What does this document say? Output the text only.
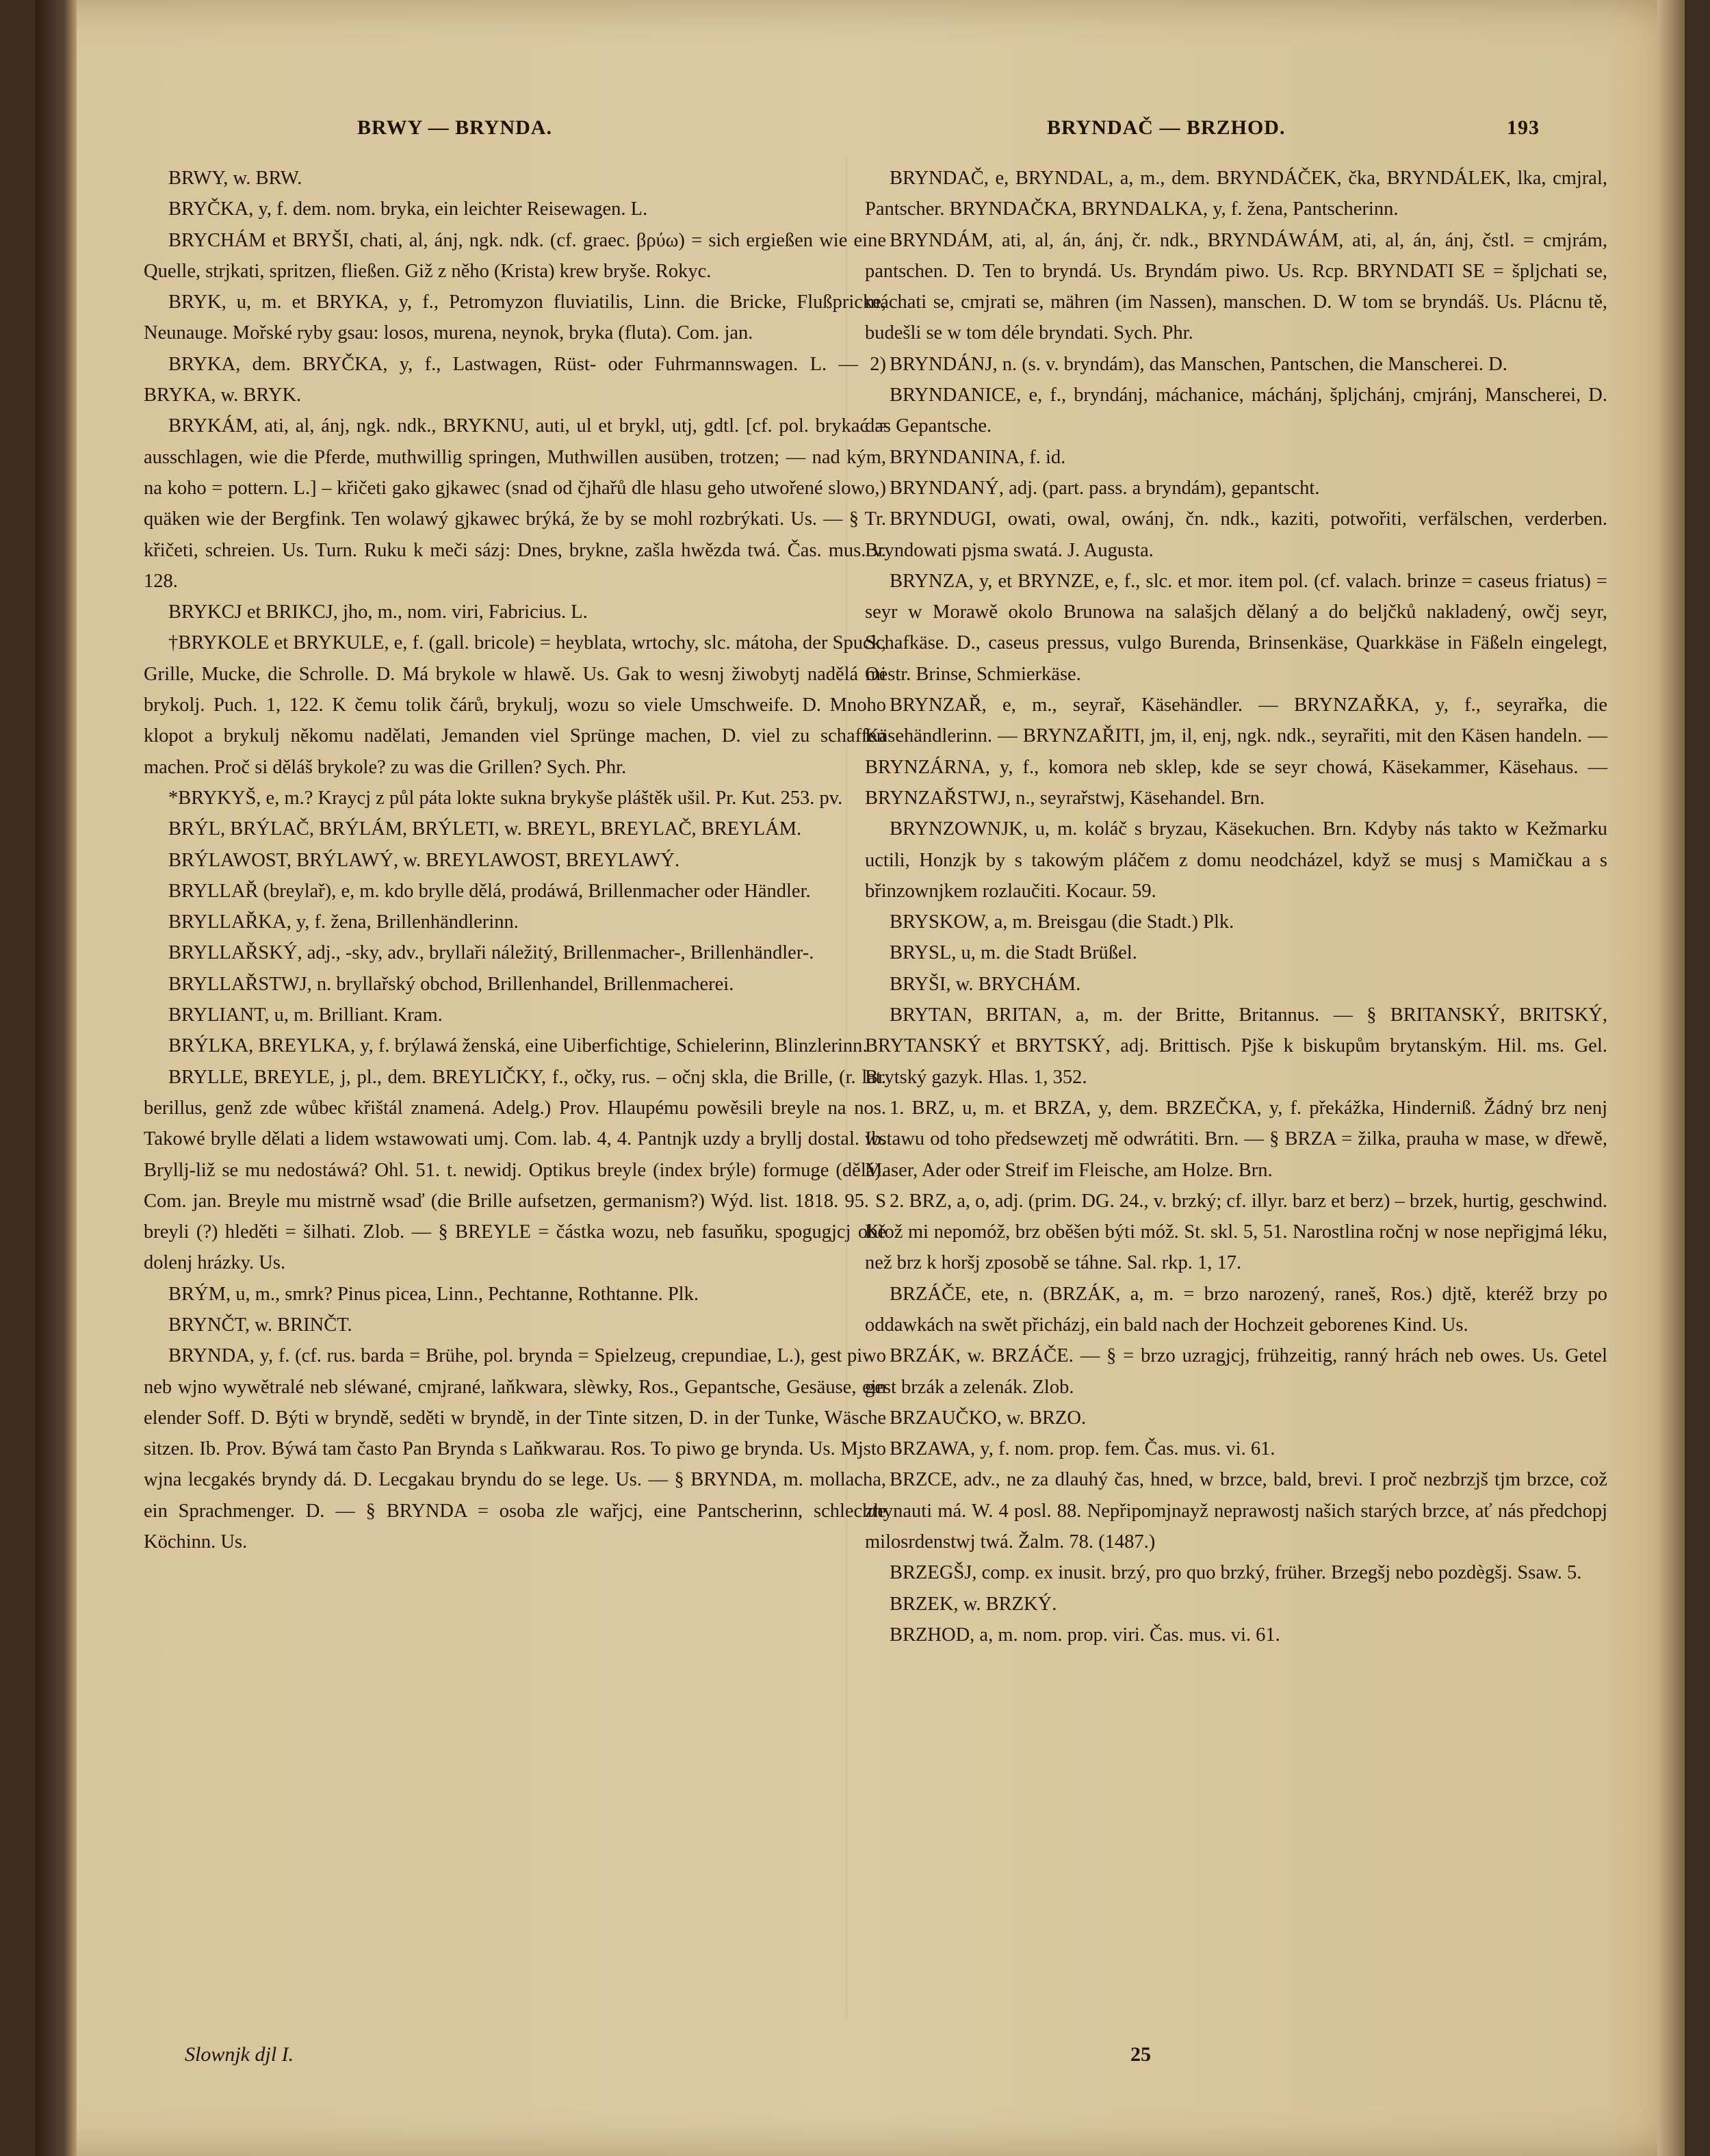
BRWY — BRYNDA.	BRYNDAČ — BRZHOD.	193

BRWY, w. BRW.

BRYČKA, y, f. dem. nom. bryka, ein leichter Reisewagen. L.

BRYCHÁM et BRYŠI, chati, al, ánj, ngk. ndk. (cf. graec. βρύω) = sich ergießen wie eine Quelle, strjkati, spritzen, fließen. Giž z něho (Krista) krew bryše. Rokyc.

BRYK, u, m. et BRYKA, y, f., Petromyzon fluviatilis, Linn. die Bricke, Flußpricke, Neunauge. Mořské ryby gsau: losos, murena, neynok, bryka (fluta). Com. jan.

BRYKA, dem. BRYČKA, y, f., Lastwagen, Rüst- oder Fuhrmannswagen. L. — 2) BRYKA, w. BRYK.

BRYKÁM, ati, al, ánj, ngk. ndk., BRYKNU, auti, ul et brykl, utj, gdtl. [cf. pol. brykać = ausschlagen, wie die Pferde, muthwillig springen, Muthwillen ausüben, trotzen; — nad kým, na koho = pottern. L.] – křičeti gako gjkawec (snad od čjhařů dle hlasu geho utwořené slowo,) quäken wie der Bergfink. Ten wolawý gjkawec brýká, že by se mohl rozbrýkati. Us. — § Tr. křičeti, schreien. Us. Turn. Ruku k meči sázj: Dnes, brykne, zašla hwězda twá. Čas. mus. v. 128.

BRYKCJ et BRIKCJ, jho, m., nom. viri, Fabricius. L.

†BRYKOLE et BRYKULE, e, f. (gall. bricole) = heyblata, wrtochy, slc. mátoha, der Spuck, Grille, Mucke, die Schrolle. D. Má brykole w hlawě. Us. Gak to wesnj žiwobytj nadělá mi brykolj. Puch. 1, 122. K čemu tolik čárů, brykulj, wozu so viele Umschweife. D. Mnoho klopot a brykulj někomu nadělati, Jemanden viel Sprünge machen, D. viel zu schaffen machen. Proč si děláš brykole? zu was die Grillen? Sych. Phr.

*BRYKYŠ, e, m.? Kraycj z půl páta lokte sukna brykyše pláštěk ušil. Pr. Kut. 253. pv.

BRÝL, BRÝLAČ, BRÝLÁM, BRÝLETI, w. BREYL, BREYLAČ, BREYLÁM.

BRÝLAWOST, BRÝLAWÝ, w. BREYLAWOST, BREYLAWÝ.

BRYLLAŘ (breylař), e, m. kdo brylle dělá, prodáwá, Brillenmacher oder Händler.

BRYLLAŘKA, y, f. žena, Brillenhändlerinn.

BRYLLAŘSKÝ, adj., -sky, adv., bryllaři náležitý, Brillenmacher-, Brillenhändler-.

BRYLLAŘSTWJ, n. bryllařský obchod, Brillenhandel, Brillenmacherei.

BRYLIANT, u, m. Brilliant. Kram.

BRÝLKA, BREYLKA, y, f. brýlawá ženská, eine Uiberfichtige, Schielerinn, Blinzlerinn.

BRYLLE, BREYLE, j, pl., dem. BREYLIČKY, f., očky, rus. – očnj skla, die Brille, (r. lat. berillus, genž zde wůbec křištál znamená. Adelg.) Prov. Hlaupému powěsili breyle na nos. Takowé brylle dělati a lidem wstawowati umj. Com. lab. 4, 4. Pantnjk uzdy a bryllj dostal. Ib. Bryllj-liž se mu nedostáwá? Ohl. 51. t. newidj. Optikus breyle (index brýle) formuge (dělá). Com. jan. Breyle mu mistrně wsaď (die Brille aufsetzen, germanism?) Wýd. list. 1818. 95. S breyli (?) hleděti = šilhati. Zlob. — § BREYLE = částka wozu, neb fasuňku, spogugjcj obě dolenj hrázky. Us.

BRÝM, u, m., smrk? Pinus picea, Linn., Pechtanne, Rothtanne. Plk.

BRYNČT, w. BRINČT.

BRYNDA, y, f. (cf. rus. barda = Brühe, pol. brynda = Spielzeug, crepundiae, L.), gest piwo neb wjno wywětralé neb sléwané, cmjrané, laňkwara, slèwky, Ros., Gepantsche, Gesäuse, ein elender Soff. D. Býti w bryndě, seděti w bryndě, in der Tinte sitzen, D. in der Tunke, Wäsche sitzen. Ib. Prov. Býwá tam často Pan Brynda s Laňkwarau. Ros. To piwo ge brynda. Us. Mjsto wjna lecgakés bryndy dá. D. Lecgakau bryndu do se lege. Us. — § BRYNDA, m. mollacha, ein Sprachmenger. D. — § BRYNDA = osoba zle wařjcj, eine Pantscherinn, schlechte Köchinn. Us.

BRYNDAČ, e, BRYNDAL, a, m., dem. BRYNDÁČEK, čka, BRYNDÁLEK, lka, cmjral, Pantscher. BRYNDAČKA, BRYNDALKA, y, f. žena, Pantscherinn.

BRYNDÁM, ati, al, án, ánj, čr. ndk., BRYNDÁWÁM, ati, al, án, ánj, čstl. = cmjrám, pantschen. D. Ten to bryndá. Us. Bryndám piwo. Us. Rcp. BRYNDATI SE = špljchati se, máchati se, cmjrati se, mähren (im Nassen), manschen. D. W tom se bryndáš. Us. Plácnu tě, budešli se w tom déle bryndati. Sych. Phr.

BRYNDÁNJ, n. (s. v. bryndám), das Manschen, Pantschen, die Manscherei. D.

BRYNDANICE, e, f., bryndánj, máchanice, máchánj, špljchánj, cmjránj, Manscherei, D. das Gepantsche.

BRYNDANINA, f. id.

BRYNDANÝ, adj. (part. pass. a bryndám), gepantscht.

BRYNDUGI, owati, owal, owánj, čn. ndk., kaziti, potwořiti, verfälschen, verderben. Bryndowati pjsma swatá. J. Augusta.

BRYNZA, y, et BRYNZE, e, f., slc. et mor. item pol. (cf. valach. brinze = caseus friatus) = seyr w Morawě okolo Brunowa na salašjch dělaný a do beljčků nakladený, owčj seyr, Schafkäse. D., caseus pressus, vulgo Burenda, Brinsenkäse, Quarkkäse in Fäßeln eingelegt, Oestr. Brinse, Schmierkäse.

BRYNZAŘ, e, m., seyrař, Käsehändler. — BRYNZAŘKA, y, f., seyrařka, die Käsehändlerinn. — BRYNZAŘITI, jm, il, enj, ngk. ndk., seyrařiti, mit den Käsen handeln. — BRYNZÁRNA, y, f., komora neb sklep, kde se seyr chowá, Käsekammer, Käsehaus. — BRYNZAŘSTWJ, n., seyrařstwj, Käsehandel. Brn.

BRYNZOWNJK, u, m. koláč s bryzau, Käsekuchen. Brn. Kdyby nás takto w Kežmarku uctili, Honzjk by s takowým pláčem z domu neodcházel, když se musj s Mamičkau a s břinzownjkem rozlaučiti. Kocaur. 59.

BRYSKOW, a, m. Breisgau (die Stadt.) Plk.

BRYSL, u, m. die Stadt Brüßel.

BRYŠI, w. BRYCHÁM.

BRYTAN, BRITAN, a, m. der Britte, Britannus. — § BRITANSKÝ, BRITSKÝ, BRYTANSKÝ et BRYTSKÝ, adj. Brittisch. Pjše k biskupům brytanským. Hil. ms. Gel. Brytský gazyk. Hlas. 1, 352.

1. BRZ, u, m. et BRZA, y, dem. BRZEČKA, y, f. překážka, Hinderniß. Žádný brz nenj wstawu od toho předsewzetj mě odwrátiti. Brn. — § BRZA = žilka, prauha w mase, w dřewě, Maser, Ader oder Streif im Fleische, am Holze. Brn.

2. BRZ, a, o, adj. (prim. DG. 24., v. brzký; cf. illyr. barz et berz) – brzek, hurtig, geschwind. Ktož mi nepomóž, brz oběšen býti móž. St. skl. 5, 51. Narostlina ročnj w nose nepřigjmá léku, než brz k horšj zposobě se táhne. Sal. rkp. 1, 17.

BRZÁČE, ete, n. (BRZÁK, a, m. = brzo narozený, raneš, Ros.) djtě, kteréž brzy po oddawkách na swět přicházj, ein bald nach der Hochzeit geborenes Kind. Us.

BRZÁK, w. BRZÁČE. — § = brzo uzragjcj, frühzeitig, ranný hrách neb owes. Us. Getel gest brzák a zelenák. Zlob.

BRZAUČKO, w. BRZO.

BRZAWA, y, f. nom. prop. fem. Čas. mus. vi. 61.

BRZCE, adv., ne za dlauhý čas, hned, w brzce, bald, brevi. I proč nezbrzjš tjm brzce, což zhynauti má. W. 4 posl. 88. Nepřipomjnayž neprawostj našich starých brzce, ať nás předchopj milosrdenstwj twá. Žalm. 78. (1487.)

BRZEGŠJ, comp. ex inusit. brzý, pro quo brzký, früher. Brzegšj nebo pozdègšj. Ssaw. 5.

BRZEK, w. BRZKÝ.

BRZHOD, a, m. nom. prop. viri. Čas. mus. vi. 61.

Slownjk djl I.	25
